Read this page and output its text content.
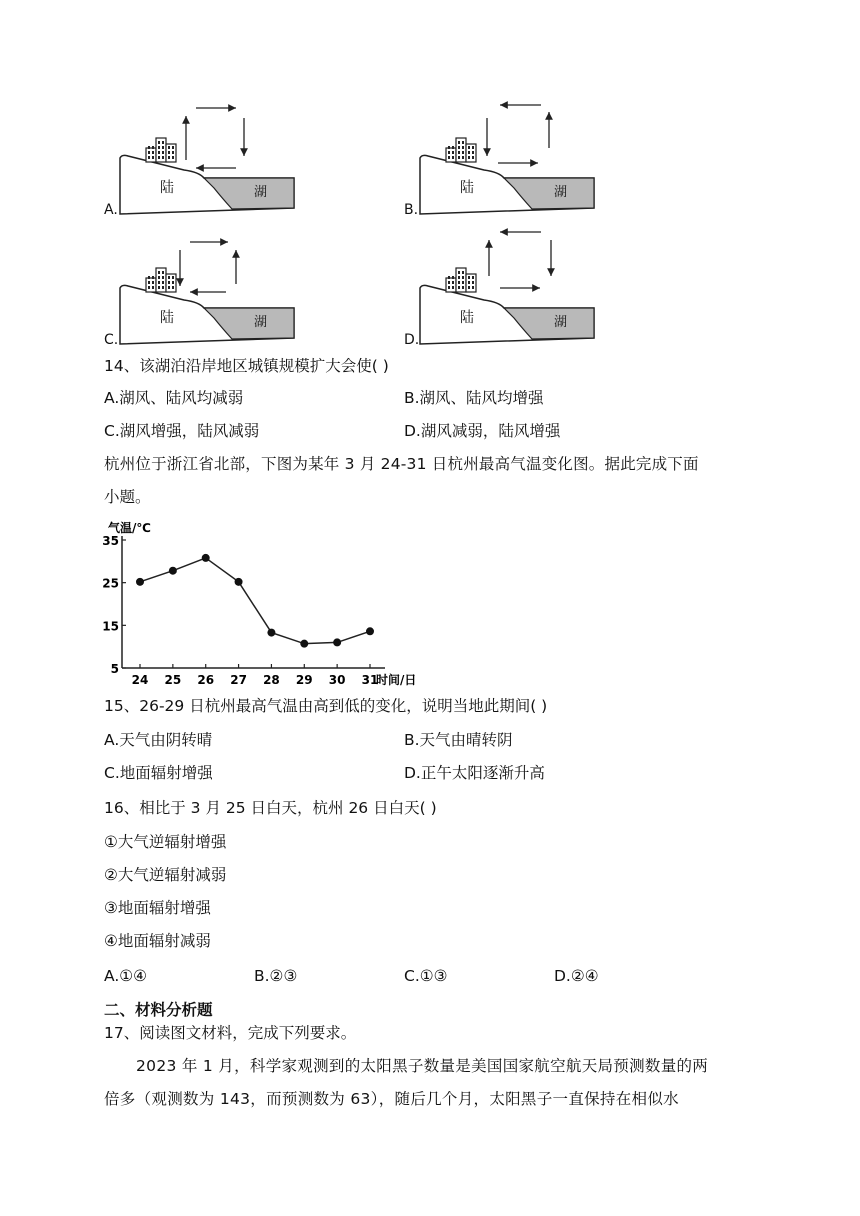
陆	湖
A.
陆	湖
B.
陆	湖
C.
陆	湖
D.
14、该湖泊沿岸地区城镇规模扩大会使( )
A.湖风、陆风均减弱	B.湖风、陆风均增强
C.湖风增强，陆风减弱	D.湖风减弱，陆风增强
杭州位于浙江省北部，下图为某年 3 月 24-31 日杭州最高气温变化图。据此完成下面
小题。
5
15
25
35
24 25 26 27 28 29 30 31
气温/℃
时间/日
15、26-29 日杭州最高气温由高到低的变化，说明当地此期间( )
A.天气由阴转晴	B.天气由晴转阴
C.地面辐射增强	D.正午太阳逐渐升高
16、相比于 3 月 25 日白天，杭州 26 日白天( )
①大气逆辐射增强
②大气逆辐射减弱
③地面辐射增强
④地面辐射减弱
A.①④	B.②③	C.①③	D.②④
二、材料分析题
17、阅读图文材料，完成下列要求。
2023 年 1 月，科学家观测到的太阳黑子数量是美国国家航空航天局预测数量的两
倍多（观测数为 143，而预测数为 63），随后几个月，太阳黑子一直保持在相似水
